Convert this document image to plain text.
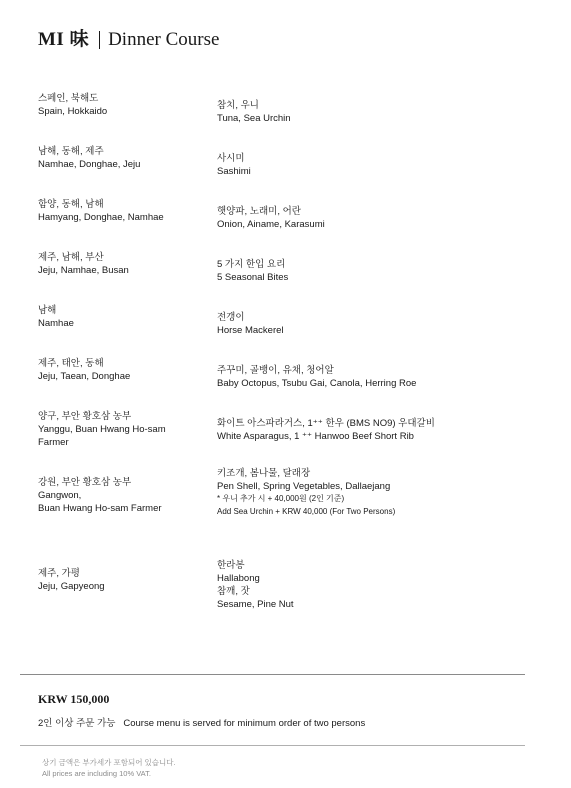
MI 味	Dinner Course
스페인, 북해도
Spain, Hokkaido
참치, 우니
Tuna, Sea Urchin
남해, 동해, 제주
Namhae, Donghae, Jeju
사시미
Sashimi
함양, 동해, 남해
Hamyang, Donghae, Namhae
햇양파, 노래미, 어란
Onion, Ainame, Karasumi
제주, 남해, 부산
Jeju, Namhae, Busan
5 가지 한입 요리
5 Seasonal Bites
남해
Namhae
전갱이
Horse Mackerel
제주, 태안, 동해
Jeju, Taean, Donghae
주꾸미, 골뱅이, 유채, 청어알
Baby Octopus, Tsubu Gai, Canola, Herring Roe
양구, 부안 황호삼 농부
Yanggu, Buan Hwang Ho-sam Farmer
화이트 아스파라거스, 1⁺⁺ 한우 (BMS NO9) 우대갈비
White Asparagus, 1 ⁺⁺ Hanwoo Beef Short Rib
강원, 부안 황호삼 농부
Gangwon,
Buan Hwang Ho-sam Farmer
키조개, 봄나물, 달래장
Pen Shell, Spring Vegetables, Dallaejang
* 우니 추가 시 + 40,000원 (2인 기준)
Add Sea Urchin + KRW 40,000 (For Two Persons)
제주, 가평
Jeju, Gapyeong
한라봉
Hallabong
참깨, 잣
Sesame, Pine Nut
KRW 150,000
2인 이상 주문 가능 Course menu is served for minimum order of two persons
상기 금액은 부가세가 포함되어 있습니다.
All prices are including 10% VAT.
